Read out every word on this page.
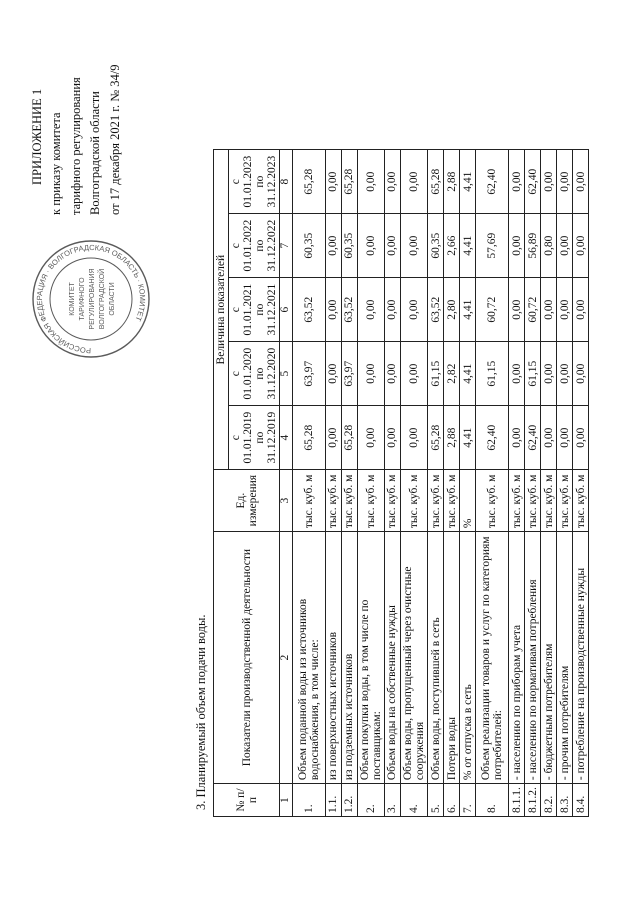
РОССИЙСКАЯ ФЕДЕРАЦИЯ · ВОЛГОГРАДСКАЯ ОБЛАСТЬ · КОМИТЕТ
КОМИТЕТ ТАРИФНОГО РЕГУЛИРОВАНИЯ ВОЛГОГРАДСКОЙ ОБЛАСТИ
ПРИЛОЖЕНИЕ 1 к приказу комитета тарифного регулирования Волгоградской области от 17 декабря 2021 г. № 34/9
3. Планируемый объем подачи воды. № п/п	Показатели производственной деятельности	Ед. измерения	Величина показателей				
			с 01.01.2019 по 31.12.2019	с 01.01.2020 по 31.12.2020	с 01.01.2021 по 31.12.2021	с 01.01.2022 по 31.12.2022	с 01.01.2023 по 31.12.2023
1	2	3	4	5	6	7	8
1.	Объем поданной воды из источников водоснабжения, в том числе:	тыс. куб. м	65,28	63,97	63,52	60,35	65,28
1.1.	из поверхностных источников	тыс. куб. м	0,00	0,00	0,00	0,00	0,00
1.2.	из подземных источников	тыс. куб. м	65,28	63,97	63,52	60,35	65,28
2.	Объем покупки воды, в том числе по поставщикам:	тыс. куб. м	0,00	0,00	0,00	0,00	0,00
3.	Объем воды на собственные нужды	тыс. куб. м	0,00	0,00	0,00	0,00	0,00
4.	Объем воды, пропущенный через очистные сооружения	тыс. куб. м	0,00	0,00	0,00	0,00	0,00
5.	Объем воды, поступившей в сеть	тыс. куб. м	65,28	61,15	63,52	60,35	65,28
6.	Потери воды	тыс. куб. м	2,88	2,82	2,80	2,66	2,88
7.	% от отпуска в сеть	%	4,41	4,41	4,41	4,41	4,41
8.	Объем реализации товаров и услуг по категориям потребителей:	тыс. куб. м	62,40	61,15	60,72	57,69	62,40
8.1.1.	- населению по приборам учета	тыс. куб. м	0,00	0,00	0,00	0,00	0,00
8.1.2.	- населению по нормативам потребления	тыс. куб. м	62,40	61,15	60,72	56,89	62,40
8.2.	- бюджетным потребителям	тыс. куб. м	0,00	0,00	0,00	0,80	0,00
8.3.	- прочим потребителям	тыс. куб. м	0,00	0,00	0,00	0,00	0,00
8.4.	- потребление на производственные нужды	тыс. куб. м	0,00	0,00	0,00	0,00	0,00
